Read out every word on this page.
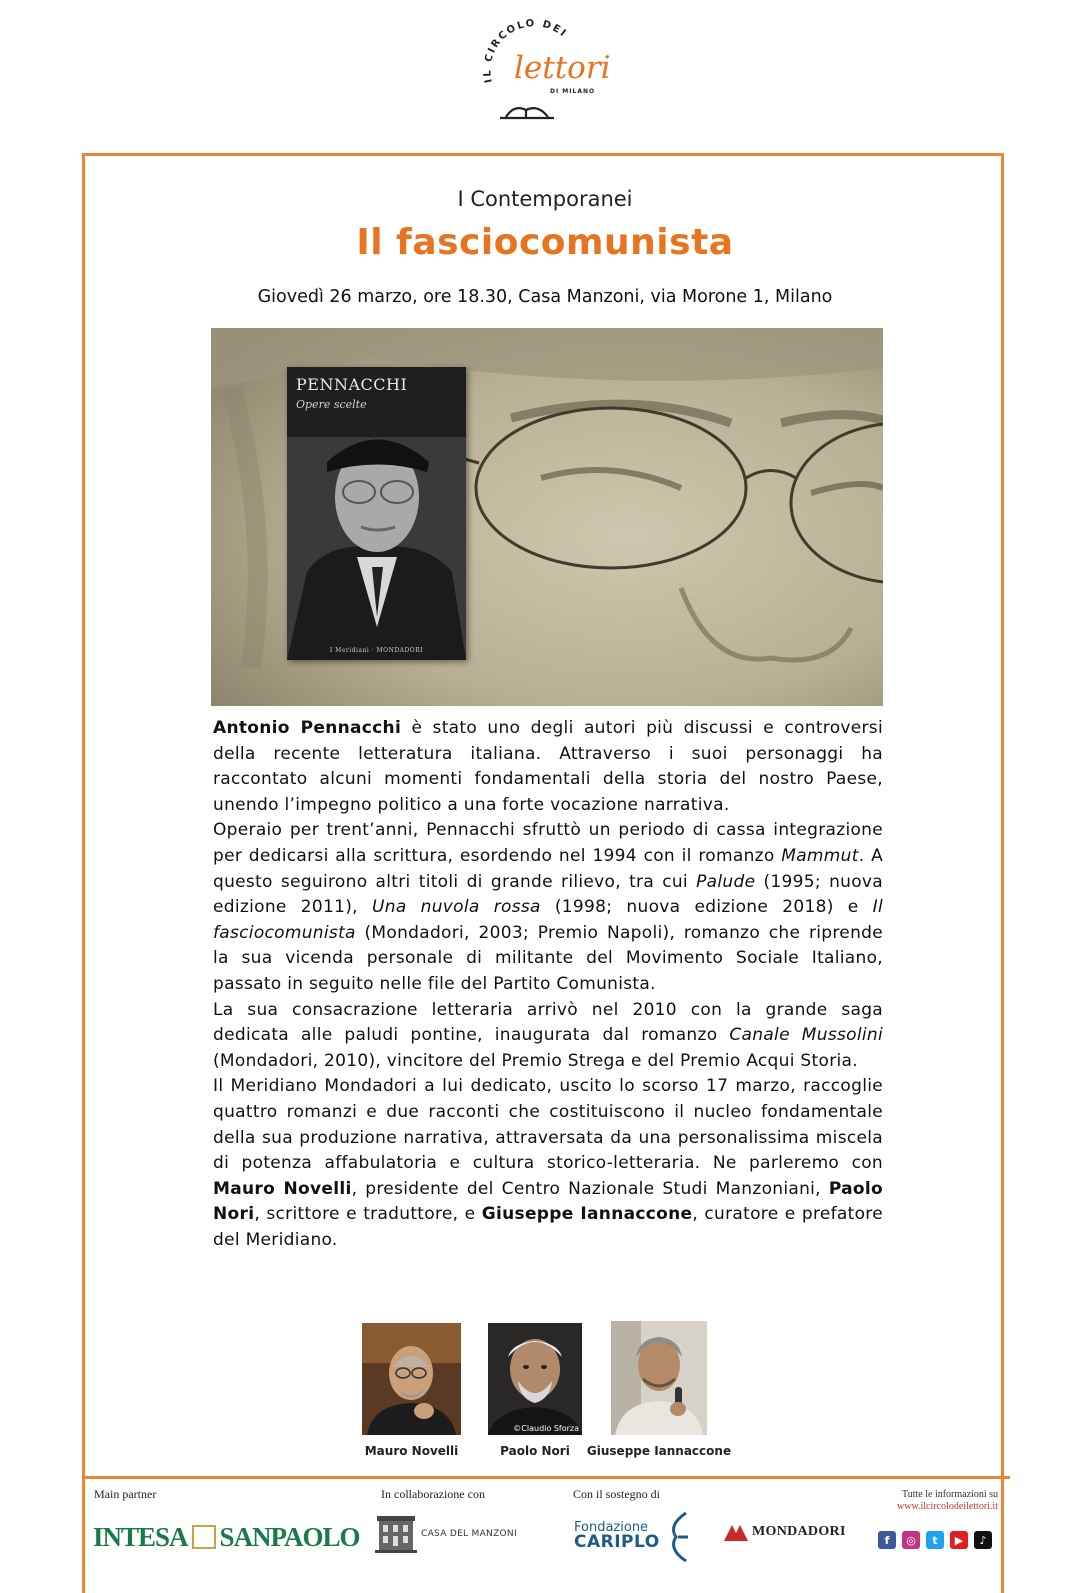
IL CIRCOLO DEI
lettori
DI MILANO
I Contemporanei
Il fasciocomunista
Giovedì 26 marzo, ore 18.30, Casa Manzoni, via Morone 1, Milano
PENNACCHI
Opere scelte
I Meridiani · MONDADORI

Antonio Pennacchi è stato uno degli autori più discussi e controversi della recente letteratura italiana. Attraverso i suoi personaggi ha raccontato alcuni momenti fondamentali della storia del nostro Paese, unendo l’impegno politico a una forte vocazione narrativa.

Operaio per trent’anni, Pennacchi sfruttò un periodo di cassa integrazione per dedicarsi alla scrittura, esordendo nel 1994 con il romanzo Mammut. A questo seguirono altri titoli di grande rilievo, tra cui Palude (1995; nuova edizione 2011), Una nuvola rossa (1998; nuova edizione 2018) e Il fasciocomunista (Mondadori, 2003; Premio Napoli), romanzo che riprende la sua vicenda personale di militante del Movimento Sociale Italiano, passato in seguito nelle file del Partito Comunista.

La sua consacrazione letteraria arrivò nel 2010 con la grande saga dedicata alle paludi pontine, inaugurata dal romanzo Canale Mussolini (Mondadori, 2010), vincitore del Premio Strega e del Premio Acqui Storia.

Il Meridiano Mondadori a lui dedicato, uscito lo scorso 17 marzo, raccoglie quattro romanzi e due racconti che costituiscono il nucleo fondamentale della sua produzione narrativa, attraversata da una personalissima miscela di potenza affabulatoria e cultura storico-letteraria. Ne parleremo con Mauro Novelli, presidente del Centro Nazionale Studi Manzoniani, Paolo Nori, scrittore e traduttore, e Giuseppe Iannaccone, curatore e prefatore del Meridiano.

Mauro Novelli
©Claudio Sforza
Paolo Nori	Giuseppe Iannaccone
Main partner	In collaborazione con	Con il sostegno di
INTESA SANPAOLO	CASA DEL MANZONI	Fondazione
CARIPLO
MONDADORI
Tutte le informazioni su
www.ilcircolodeilettori.it
f	◎	t	▶	♪
